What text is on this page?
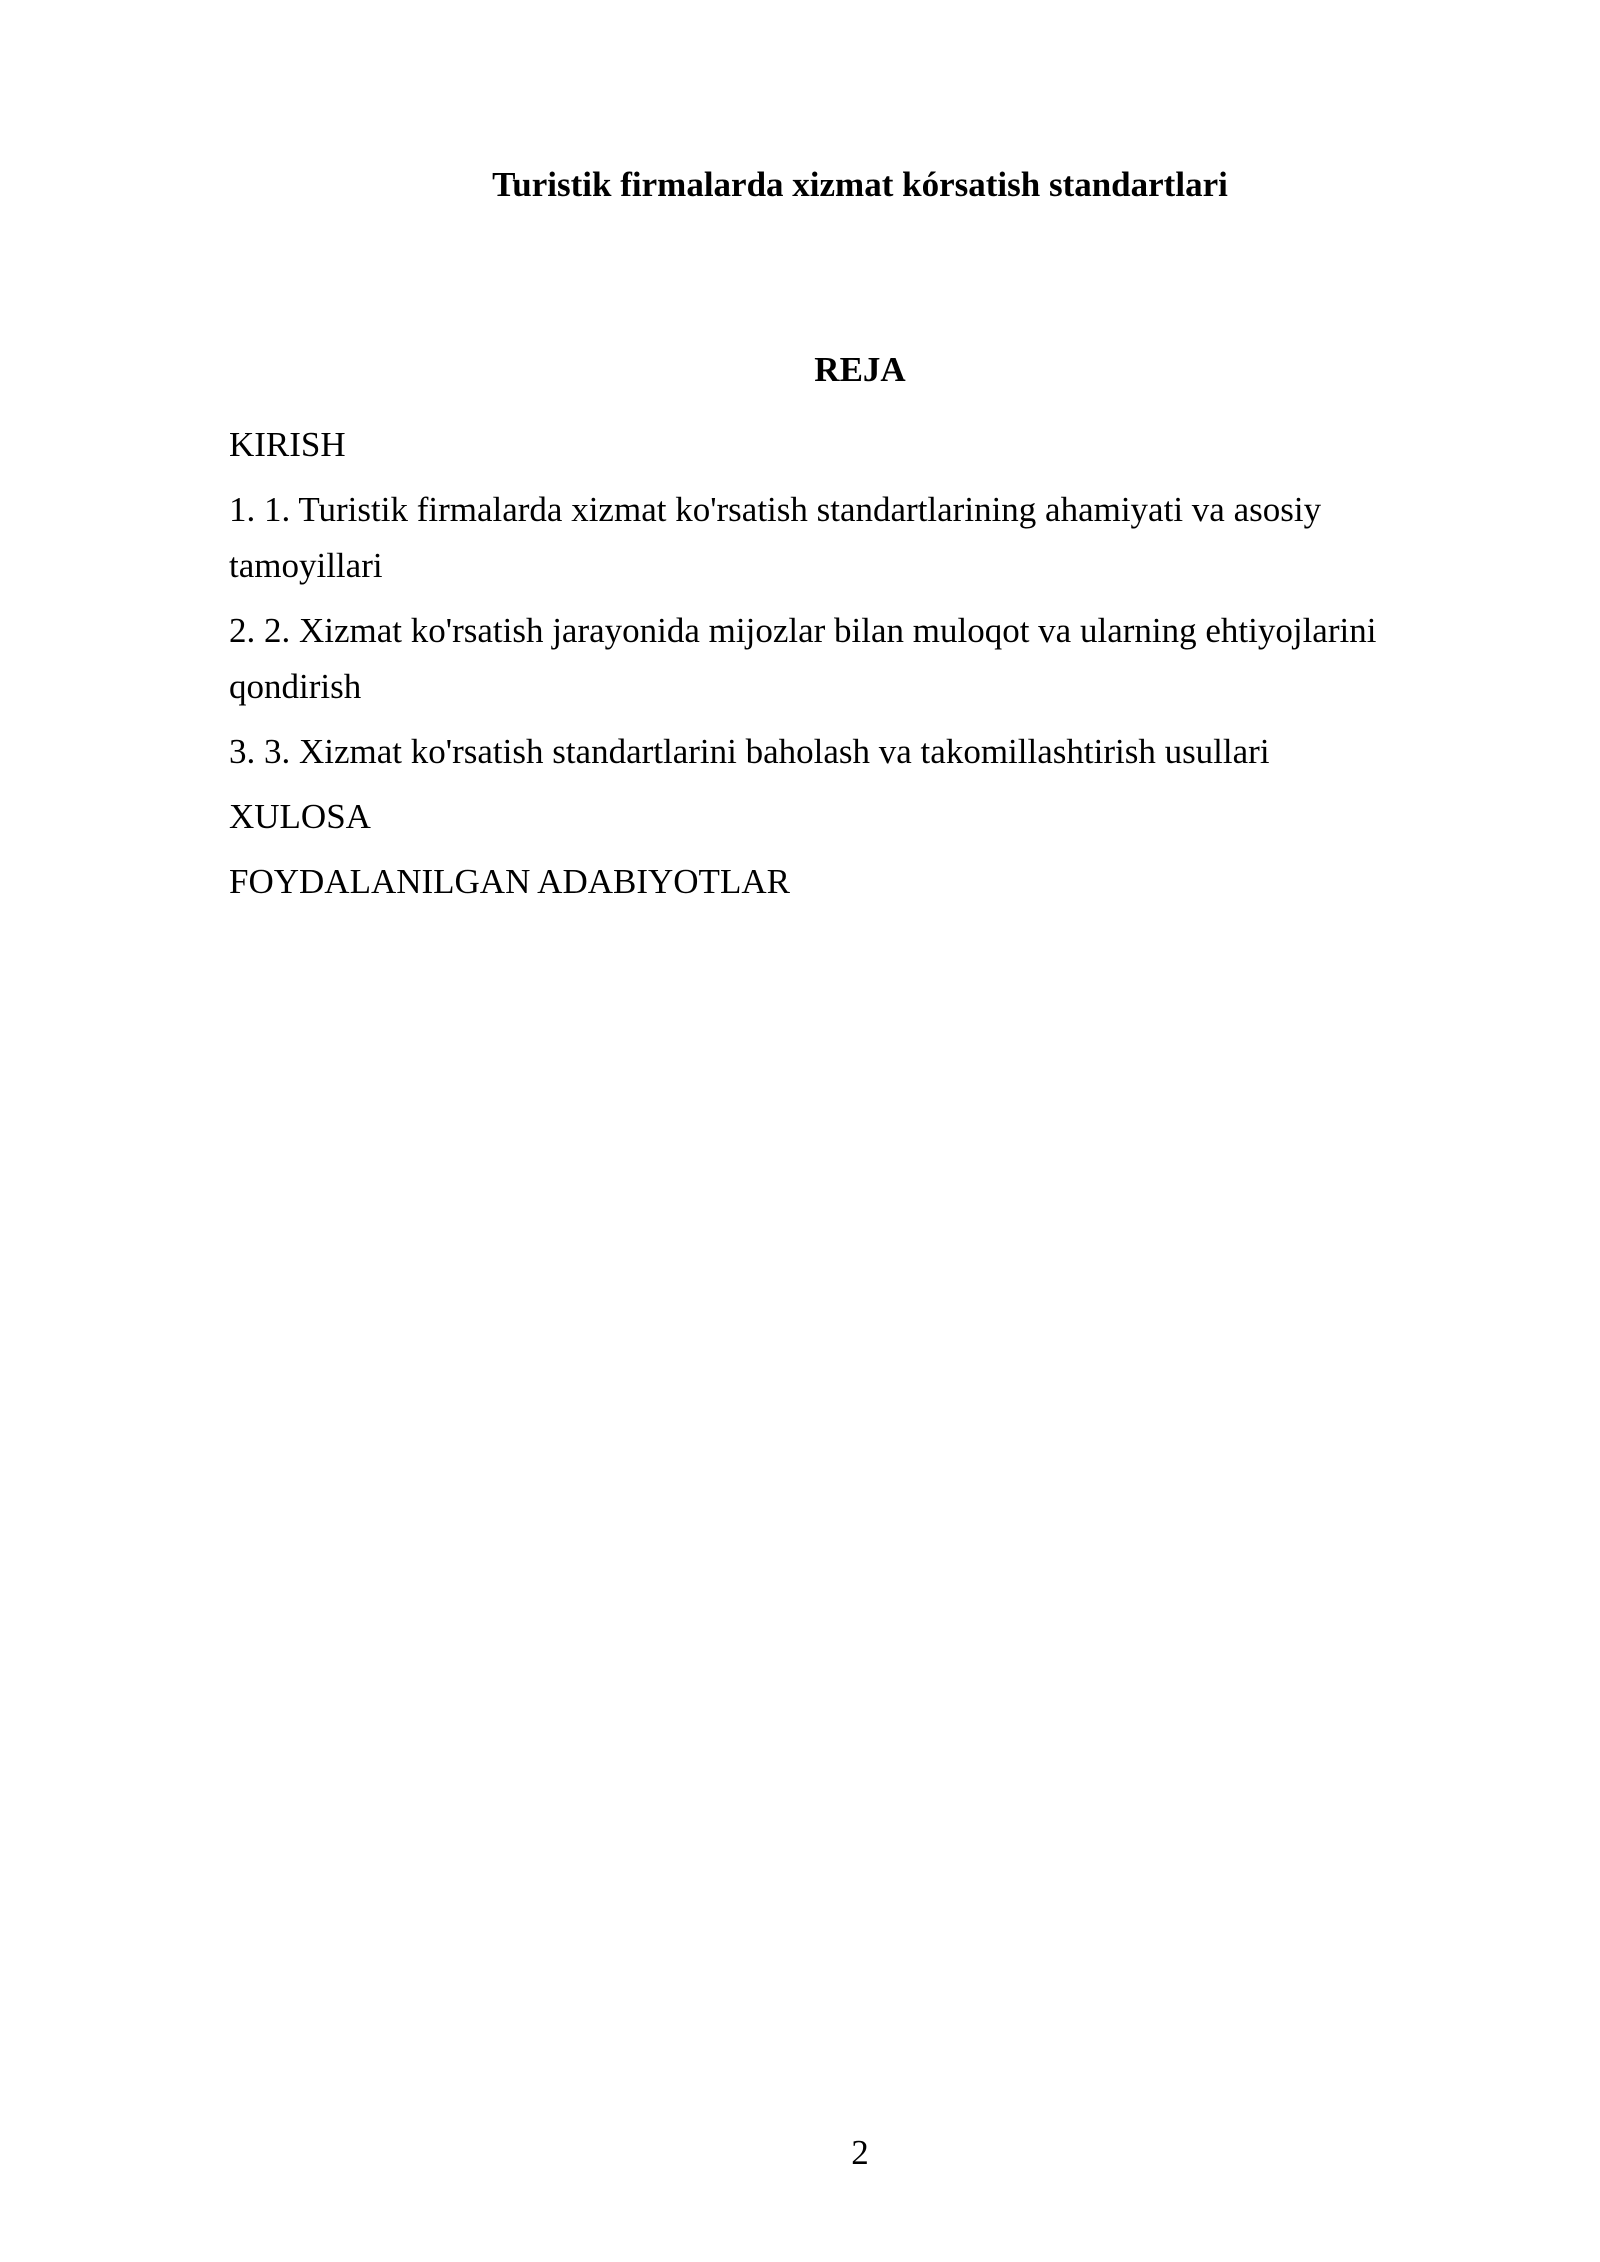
Turistik firmalarda xizmat kórsatish standartlari
REJA
KIRISH
1. 1. Turistik firmalarda xizmat ko'rsatish standartlarining ahamiyati va asosiy tamoyillari
2. 2. Xizmat ko'rsatish jarayonida mijozlar bilan muloqot va ularning ehtiyojlarini qondirish
3. 3. Xizmat ko'rsatish standartlarini baholash va takomillashtirish usullari
XULOSA
FOYDALANILGAN ADABIYOTLAR
2
